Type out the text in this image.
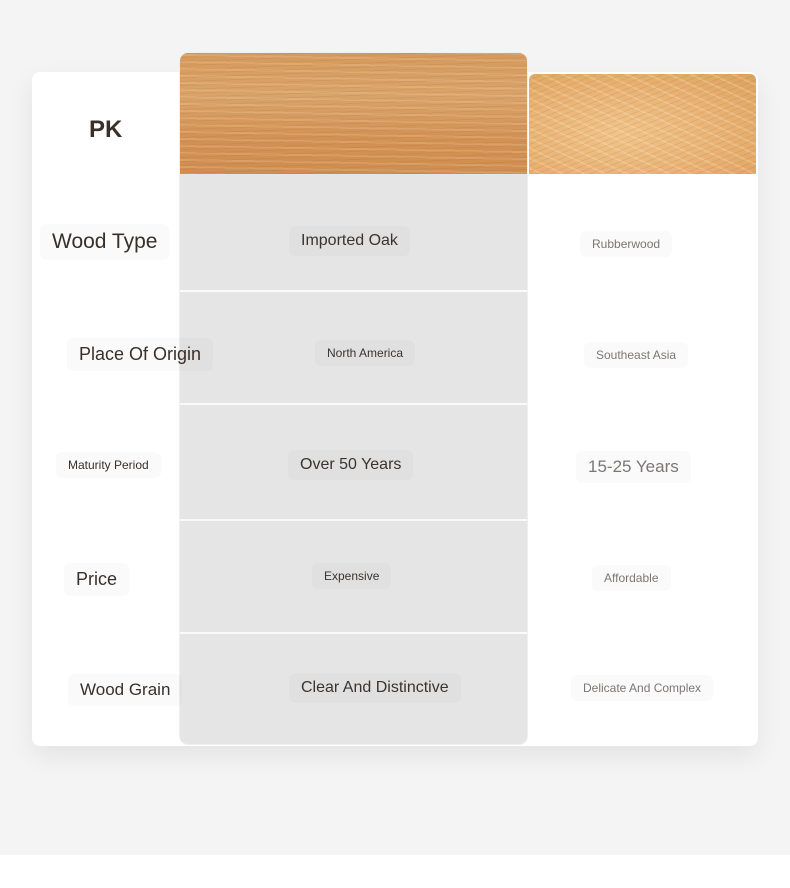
PK
Wood Type	Imported Oak	Rubberwood
Place Of Origin	North America	Southeast Asia
Maturity Period	Over 50 Years	15-25 Years
Price	Expensive	Affordable
Wood Grain	Clear And Distinctive	Delicate And Complex
